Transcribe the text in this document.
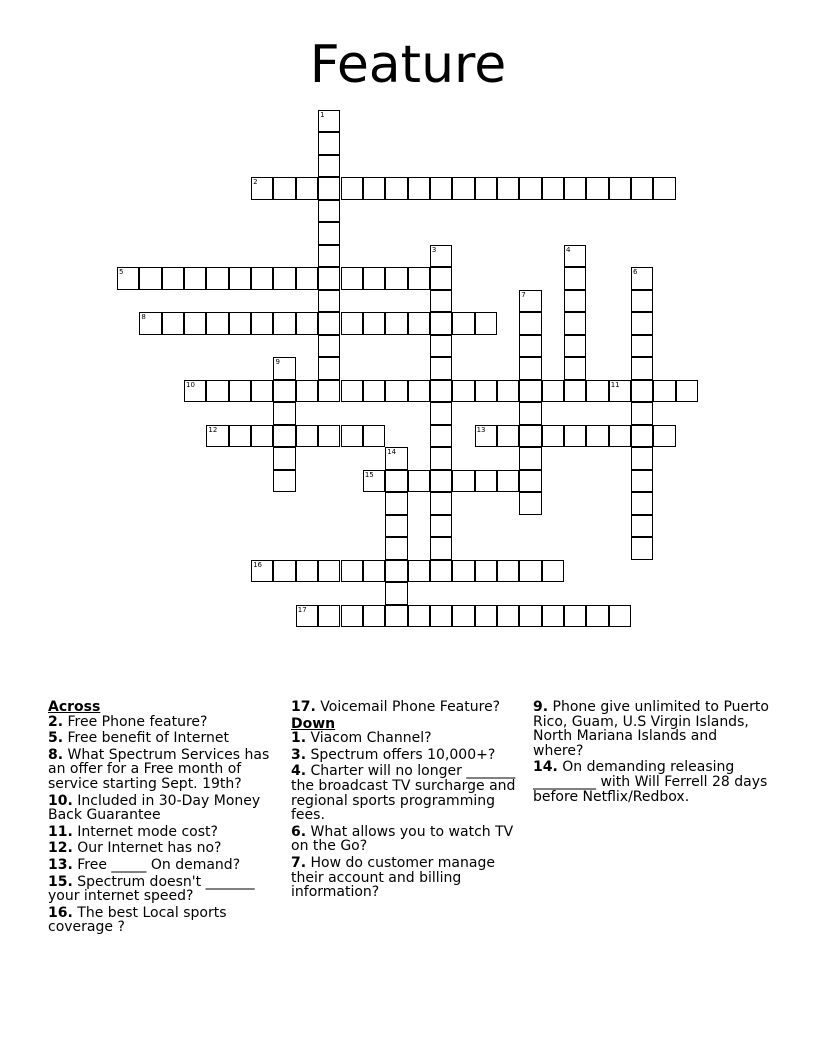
Feature
1
2
3	4
5	6
7
8
9
10	11
12	13
14
15
16
17
Across
2. Free Phone feature?
5. Free benefit of Internet
8. What Spectrum Services has an offer for a Free month of service starting Sept. 19th?
10. Included in 30-Day Money Back Guarantee
11. Internet mode cost?
12. Our Internet has no?
13. Free _____ On demand?
15. Spectrum doesn't _______ your internet speed?
16. The best Local sports coverage ?
17. Voicemail Phone Feature?
Down
1. Viacom Channel?
3. Spectrum offers 10,000+?
4. Charter will no longer _______ the broadcast TV surcharge and regional sports programming fees.
6. What allows you to watch TV on the Go?
7. How do customer manage their account and billing information?
9. Phone give unlimited to Puerto Rico, Guam, U.S Virgin Islands, North Mariana Islands and where?
14. On demanding releasing _________ with Will Ferrell 28 days before Netflix/Redbox.
